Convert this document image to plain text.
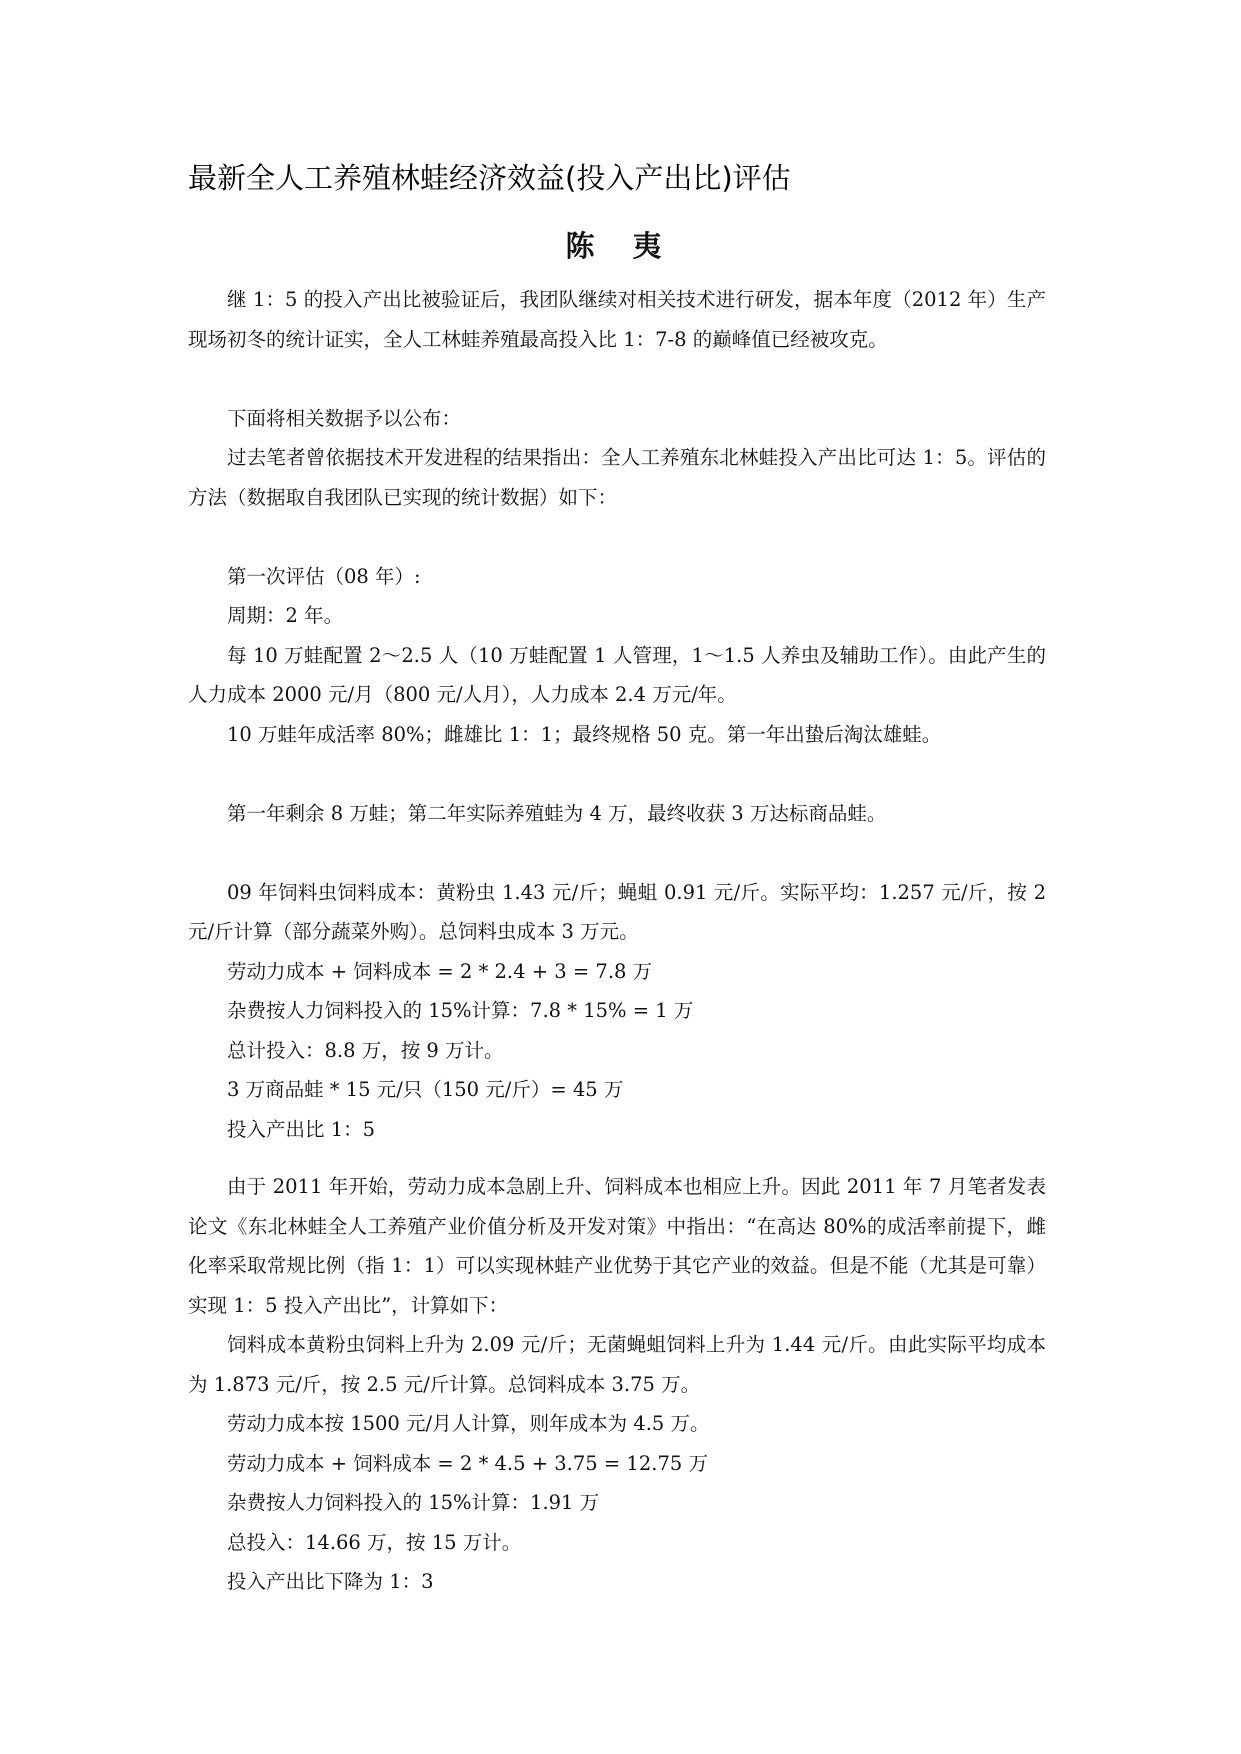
最新全人工养殖林蛙经济效益(投入产出比)评估
陈 夷

继 1：5 的投入产出比被验证后，我团队继续对相关技术进行研发，据本年度（2012 年）生产现场初冬的统计证实，全人工林蛙养殖最高投入比 1：7-8 的巅峰值已经被攻克。

下面将相关数据予以公布：

过去笔者曾依据技术开发进程的结果指出：全人工养殖东北林蛙投入产出比可达 1：5。评估的方法（数据取自我团队已实现的统计数据）如下：

第一次评估（08 年）:

周期：2 年。

每 10 万蛙配置 2～2.5 人（10 万蛙配置 1 人管理，1～1.5 人养虫及辅助工作）。由此产生的人力成本 2000 元/月（800 元/人月），人力成本 2.4 万元/年。

10 万蛙年成活率 80%；雌雄比 1：1；最终规格 50 克。第一年出蛰后淘汰雄蛙。

第一年剩余 8 万蛙；第二年实际养殖蛙为 4 万，最终收获 3 万达标商品蛙。

09 年饲料虫饲料成本：黄粉虫 1.43 元/斤；蝇蛆 0.91 元/斤。实际平均：1.257 元/斤，按 2 元/斤计算（部分蔬菜外购）。总饲料虫成本 3 万元。

劳动力成本 + 饲料成本 = 2 * 2.4 + 3 = 7.8 万

杂费按人力饲料投入的 15%计算：7.8 * 15% = 1 万

总计投入：8.8 万，按 9 万计。

3 万商品蛙 * 15 元/只（150 元/斤）= 45 万

投入产出比 1：5

由于 2011 年开始，劳动力成本急剧上升、饲料成本也相应上升。因此 2011 年 7 月笔者发表论文《东北林蛙全人工养殖产业价值分析及开发对策》中指出：“在高达 80%的成活率前提下，雌化率采取常规比例（指 1：1）可以实现林蛙产业优势于其它产业的效益。但是不能（尤其是可靠）实现 1：5 投入产出比”，计算如下：

饲料成本黄粉虫饲料上升为 2.09 元/斤；无菌蝇蛆饲料上升为 1.44 元/斤。由此实际平均成本为 1.873 元/斤，按 2.5 元/斤计算。总饲料成本 3.75 万。

劳动力成本按 1500 元/月人计算，则年成本为 4.5 万。

劳动力成本 + 饲料成本 = 2 * 4.5 + 3.75 = 12.75 万

杂费按人力饲料投入的 15%计算：1.91 万

总投入：14.66 万，按 15 万计。

投入产出比下降为 1：3
